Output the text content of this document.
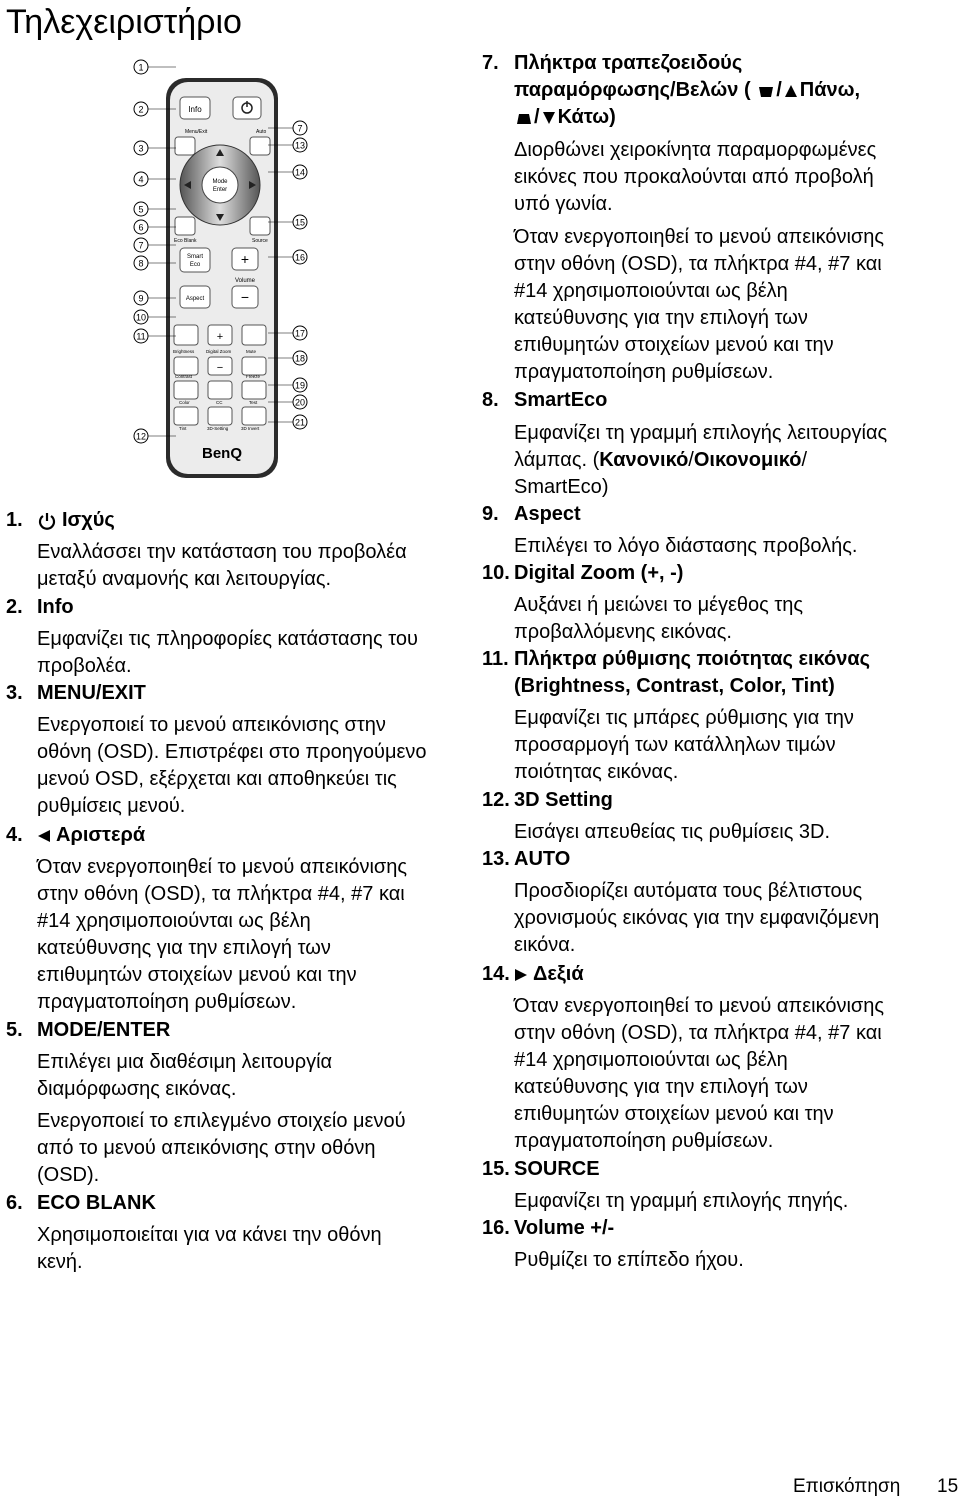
Τηλεχειριστήριο
Info
Menu/Exit	Auto
Mode
Enter
Eco Blank	Source
Smart
Eco	+
Volume
Aspect	−
+
Brightness	Digital Zoom	Mute
−
Contrast	Freeze
Color	CC	Test
Tint	3D-Setting	3D Invert
BenQ
1
2
3
4
5
6
7
8
9
10
11
12
7
13
14
15
16
17
18
19
20
21
1.	Ισχύς
Εναλλάσσει την κατάσταση του προβολέα
μεταξύ αναμονής και λειτουργίας.
2. Info
Εμφανίζει τις πληροφορίες κατάστασης του
προβολέα.
3. MENU/EXIT
Ενεργοποιεί το μενού απεικόνισης στην
οθόνη (OSD). Επιστρέφει στο προηγούμενο
μενού OSD, εξέρχεται και αποθηκεύει τις
ρυθμίσεις μενού.
4.	Αριστερά
Όταν ενεργοποιηθεί το μενού απεικόνισης
στην οθόνη (OSD), τα πλήκτρα #4, #7 και
#14 χρησιμοποιούνται ως βέλη
κατεύθυνσης για την επιλογή των
επιθυμητών στοιχείων μενού και την
πραγματοποίηση ρυθμίσεων.
5. MODE/ENTER
Επιλέγει μια διαθέσιμη λειτουργία
διαμόρφωσης εικόνας.
Ενεργοποιεί το επιλεγμένο στοιχείο μενού
από το μενού απεικόνισης στην οθόνη
(OSD).
6. ECO BLANK
Χρησιμοποιείται για να κάνει την οθόνη
κενή.
7. Πλήκτρα τραπεζοειδούς
παραμόρφωσης/Βελών ( / Πάνω,
/ Κάτω)
Διορθώνει χειροκίνητα παραμορφωμένες
εικόνες που προκαλούνται από προβολή
υπό γωνία.
Όταν ενεργοποιηθεί το μενού απεικόνισης
στην οθόνη (OSD), τα πλήκτρα #4, #7 και
#14 χρησιμοποιούνται ως βέλη
κατεύθυνσης για την επιλογή των
επιθυμητών στοιχείων μενού και την
πραγματοποίηση ρυθμίσεων.
8. SmartEco
Εμφανίζει τη γραμμή επιλογής λειτουργίας
λάμπας. (Κανονικό/Οικονομικό/
SmartEco)
9. Aspect
Επιλέγει το λόγο διάστασης προβολής.
10. Digital Zoom (+, -)
Αυξάνει ή μειώνει το μέγεθος της
προβαλλόμενης εικόνας.
11. Πλήκτρα ρύθμισης ποιότητας εικόνας
(Brightness, Contrast, Color, Tint)
Εμφανίζει τις μπάρες ρύθμισης για την
προσαρμογή των κατάλληλων τιμών
ποιότητας εικόνας.
12. 3D Setting
Εισάγει απευθείας τις ρυθμίσεις 3D.
13. AUTO
Προσδιορίζει αυτόματα τους βέλτιστους
χρονισμούς εικόνας για την εμφανιζόμενη
εικόνα.
14.	Δεξιά
Όταν ενεργοποιηθεί το μενού απεικόνισης
στην οθόνη (OSD), τα πλήκτρα #4, #7 και
#14 χρησιμοποιούνται ως βέλη
κατεύθυνσης για την επιλογή των
επιθυμητών στοιχείων μενού και την
πραγματοποίηση ρυθμίσεων.
15. SOURCE
Εμφανίζει τη γραμμή επιλογής πηγής.
16. Volume +/-
Ρυθμίζει το επίπεδο ήχου.
Επισκόπηση 15
